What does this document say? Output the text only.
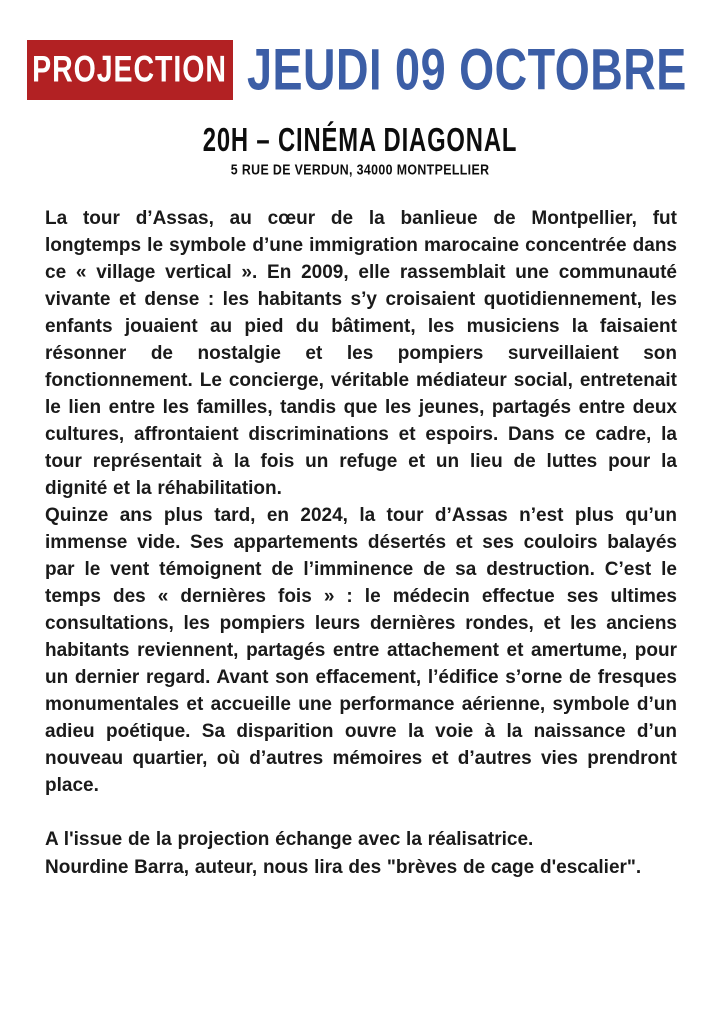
PROJECTION JEUDI 09 OCTOBRE
20H – CINÉMA DIAGONAL
5 RUE DE VERDUN, 34000 MONTPELLIER

La tour d’Assas, au cœur de la banlieue de Montpellier, fut longtemps le symbole d’une immigration marocaine concentrée dans ce « village vertical ». En 2009, elle rassemblait une communauté vivante et dense : les habitants s’y croisaient quotidiennement, les enfants jouaient au pied du bâtiment, les musiciens la faisaient résonner de nostalgie et les pompiers surveillaient son fonctionnement. Le concierge, véritable médiateur social, entretenait le lien entre les familles, tandis que les jeunes, partagés entre deux cultures, affrontaient discriminations et espoirs. Dans ce cadre, la tour représentait à la fois un refuge et un lieu de luttes pour la dignité et la réhabilitation.

Quinze ans plus tard, en 2024, la tour d’Assas n’est plus qu’un immense vide. Ses appartements désertés et ses couloirs balayés par le vent témoignent de l’imminence de sa destruction. C’est le temps des « dernières fois » : le médecin effectue ses ultimes consultations, les pompiers leurs dernières rondes, et les anciens habitants reviennent, partagés entre attachement et amertume, pour un dernier regard. Avant son effacement, l’édifice s’orne de fresques monumentales et accueille une performance aérienne, symbole d’un adieu poétique. Sa disparition ouvre la voie à la naissance d’un nouveau quartier, où d’autres mémoires et d’autres vies prendront place.

A l'issue de la projection échange avec la réalisatrice.

Nourdine Barra, auteur, nous lira des "brèves de cage d'escalier".
